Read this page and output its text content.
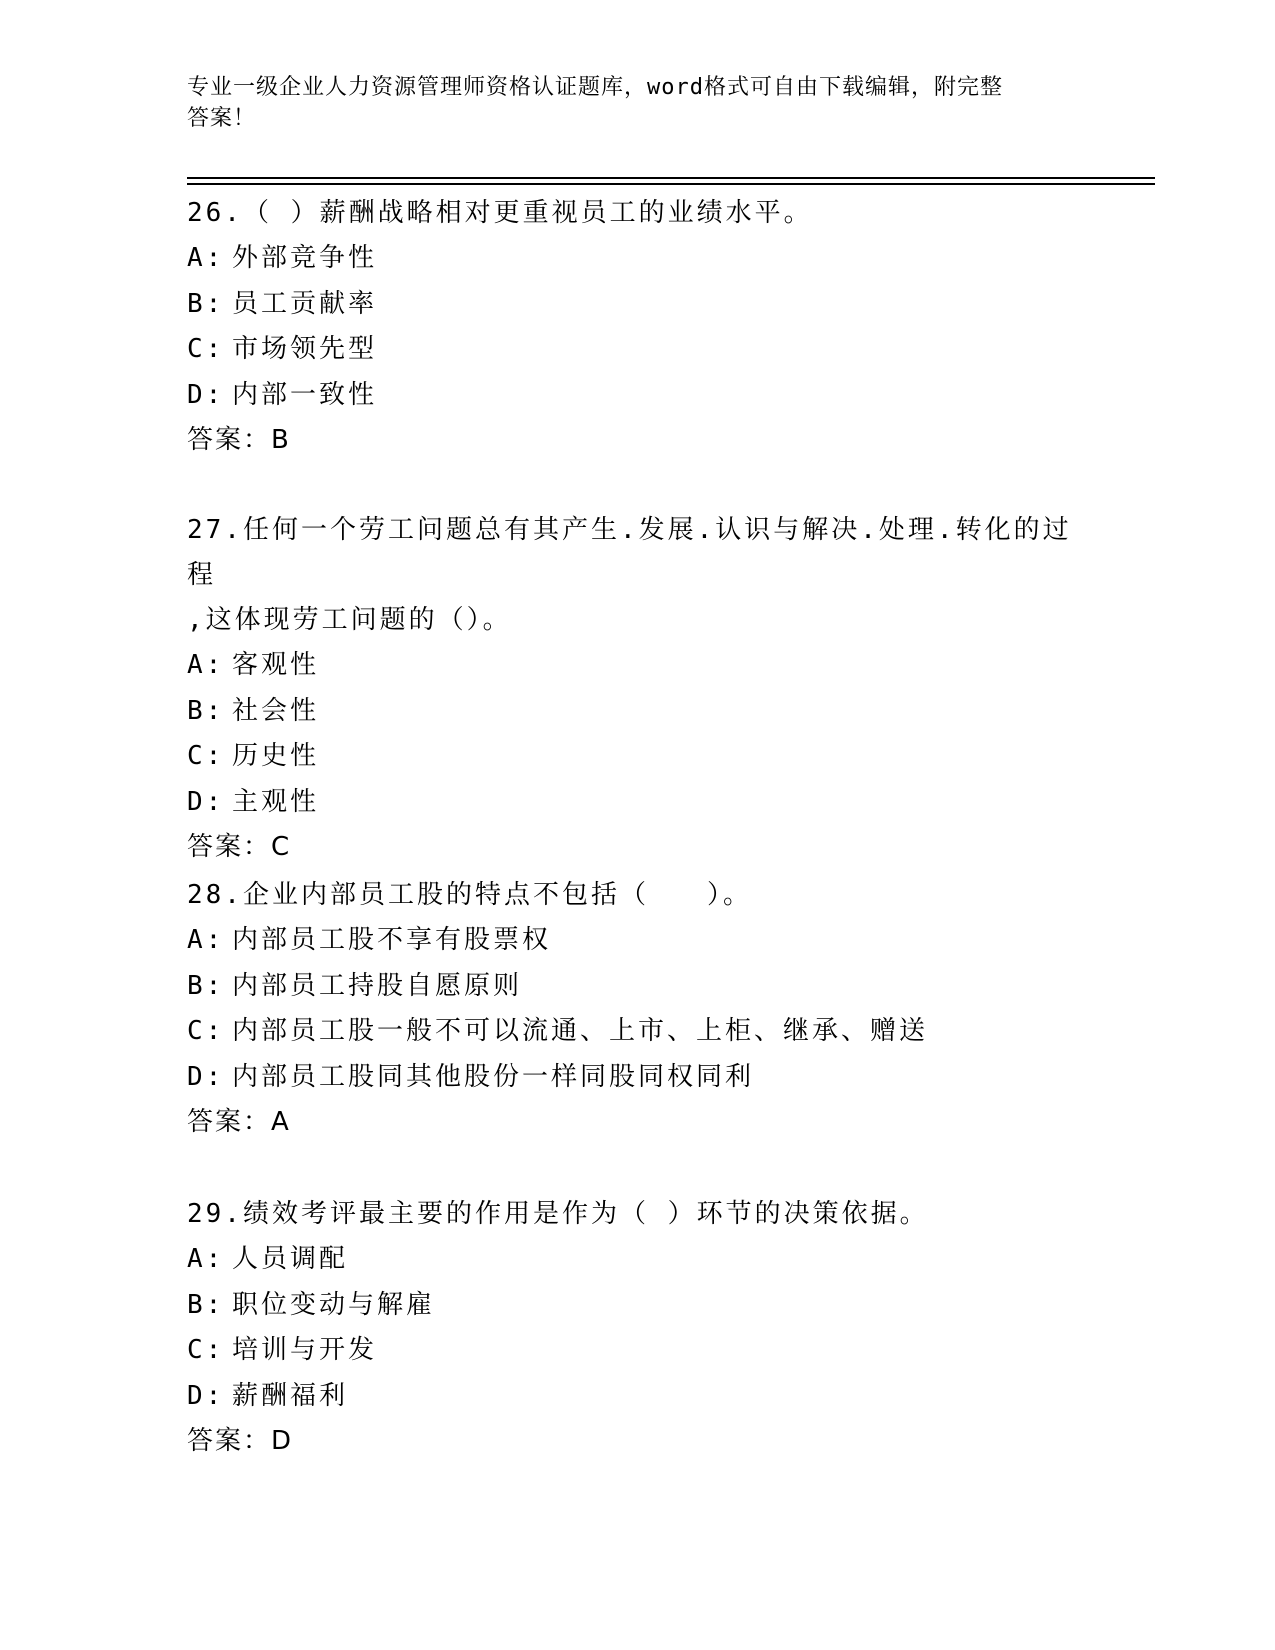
专业一级企业人力资源管理师资格认证题库，word格式可自由下载编辑，附完整
答案！

26.（ ）薪酬战略相对更重视员工的业绩水平。

A: 外部竞争性

B: 员工贡献率

C: 市场领先型

D: 内部一致性

答案：B

27.任何一个劳工问题总有其产生.发展.认识与解决.处理.转化的过程

,这体现劳工问题的（）。

A: 客观性

B: 社会性

C: 历史性

D: 主观性

答案：C

28.企业内部员工股的特点不包括（　　）。

A: 内部员工股不享有股票权

B: 内部员工持股自愿原则

C: 内部员工股一般不可以流通、上市、上柜、继承、赠送

D: 内部员工股同其他股份一样同股同权同利

答案：A

29.绩效考评最主要的作用是作为（ ）环节的决策依据。

A: 人员调配

B: 职位变动与解雇

C: 培训与开发

D: 薪酬福利

答案：D
